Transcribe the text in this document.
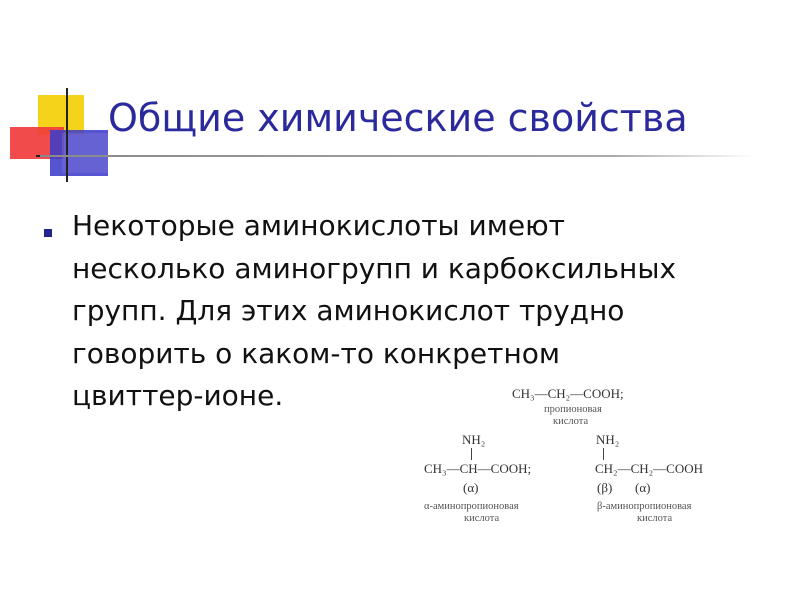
Общие химические свойства
Некоторые аминокислоты имеют
несколько аминогрупп и карбоксильных
групп. Для этих аминокислот трудно
говорить о каком-то конкретном
цвиттер-ионе.	CH₃—CH₂—COOH;
пропионовая
кислота
NH₂
CH₃—CH—COOH;
(α)
α-аминопропионовая
кислота
NH₂
CH₂—CH₂—COOH
(β) (α)
β-аминопропионовая
кислота
